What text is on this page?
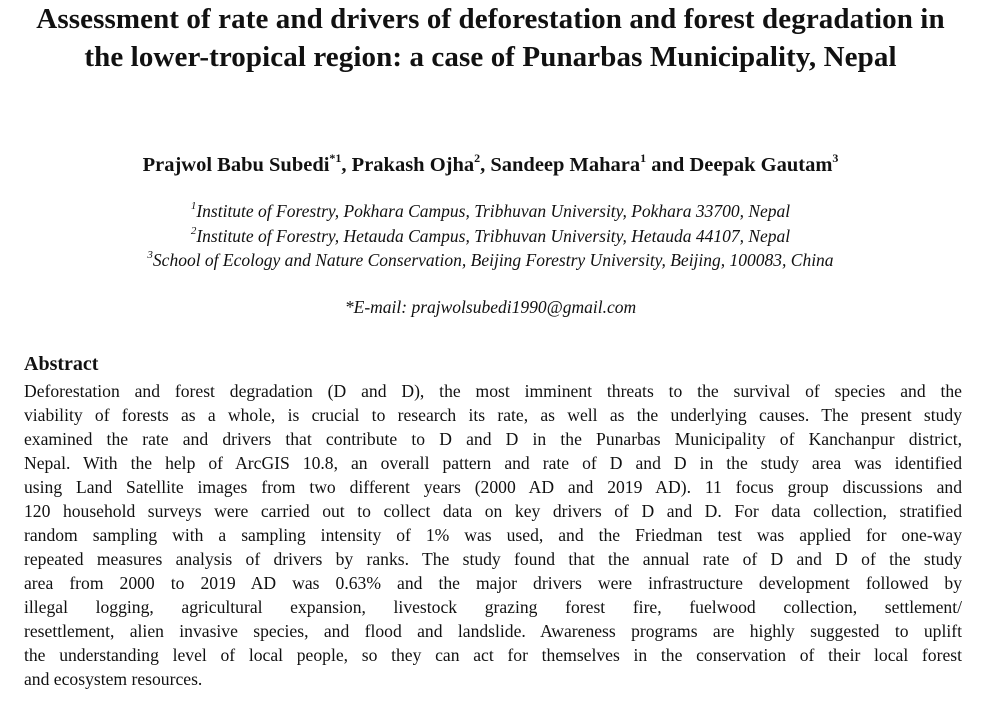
Assessment of rate and drivers of deforestation and forest degradation in the lower-tropical region: a case of Punarbas Municipality, Nepal
Prajwol Babu Subedi$^{*1}$, Prakash Ojha$^2$, Sandeep Mahara$^1$ and Deepak Gautam$^3$
$^1$Institute of Forestry, Pokhara Campus, Tribhuvan University, Pokhara 33700, Nepal
$^2$Institute of Forestry, Hetauda Campus, Tribhuvan University, Hetauda 44107, Nepal
$^3$School of Ecology and Nature Conservation, Beijing Forestry University, Beijing, 100083, China
*E-mail: prajwolsubedi1990@gmail.com
Abstract
Deforestation and forest degradation (D and D), the most imminent threats to the survival of species and the
viability of forests as a whole, is crucial to research its rate, as well as the underlying causes. The present study
examined the rate and drivers that contribute to D and D in the Punarbas Municipality of Kanchanpur district,
Nepal. With the help of ArcGIS 10.8, an overall pattern and rate of D and D in the study area was identified
using Land Satellite images from two different years (2000 AD and 2019 AD). 11 focus group discussions and
120 household surveys were carried out to collect data on key drivers of D and D. For data collection, stratified
random sampling with a sampling intensity of 1% was used, and the Friedman test was applied for one-way
repeated measures analysis of drivers by ranks. The study found that the annual rate of D and D of the study
area from 2000 to 2019 AD was 0.63% and the major drivers were infrastructure development followed by
illegal logging, agricultural expansion, livestock grazing forest fire, fuelwood collection, settlement/
resettlement, alien invasive species, and flood and landslide. Awareness programs are highly suggested to uplift
the understanding level of local people, so they can act for themselves in the conservation of their local forest
and ecosystem resources.
